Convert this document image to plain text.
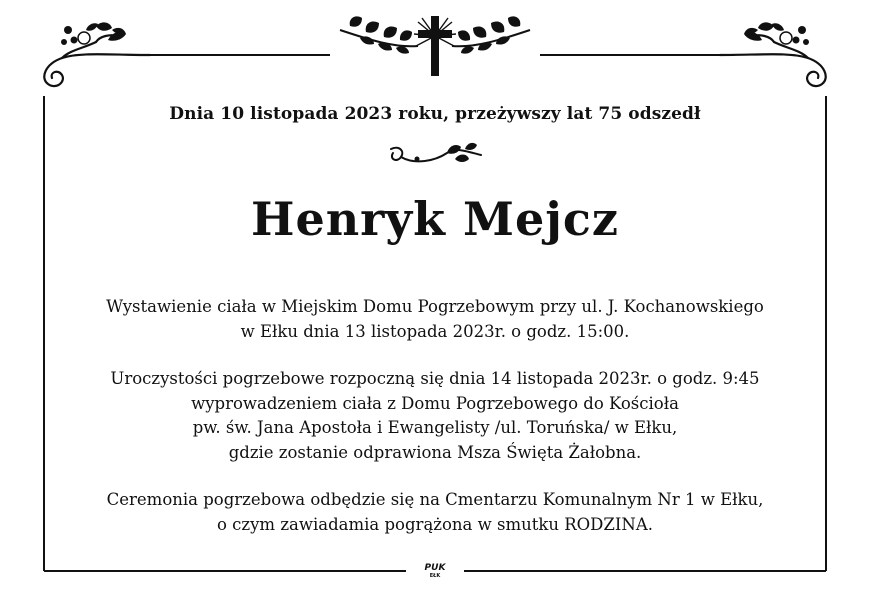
Dnia 10 listopada 2023 roku, przeżywszy lat 75 odszedł
Henryk Mejcz
Wystawienie ciała w Miejskim Domu Pogrzebowym przy ul. J. Kochanowskiego
w Ełku dnia 13 listopada 2023r. o godz. 15:00.
Uroczystości pogrzebowe rozpoczną się dnia 14 listopada 2023r. o godz. 9:45
wyprowadzeniem ciała z Domu Pogrzebowego do Kościoła
pw. św. Jana Apostoła i Ewangelisty /ul. Toruńska/ w Ełku,
gdzie zostanie odprawiona Msza Święta Żałobna.
Ceremonia pogrzebowa odbędzie się na Cmentarzu Komunalnym Nr 1 w Ełku,
o czym zawiadamia pogrążona w smutku RODZINA.
PUK
EŁK
